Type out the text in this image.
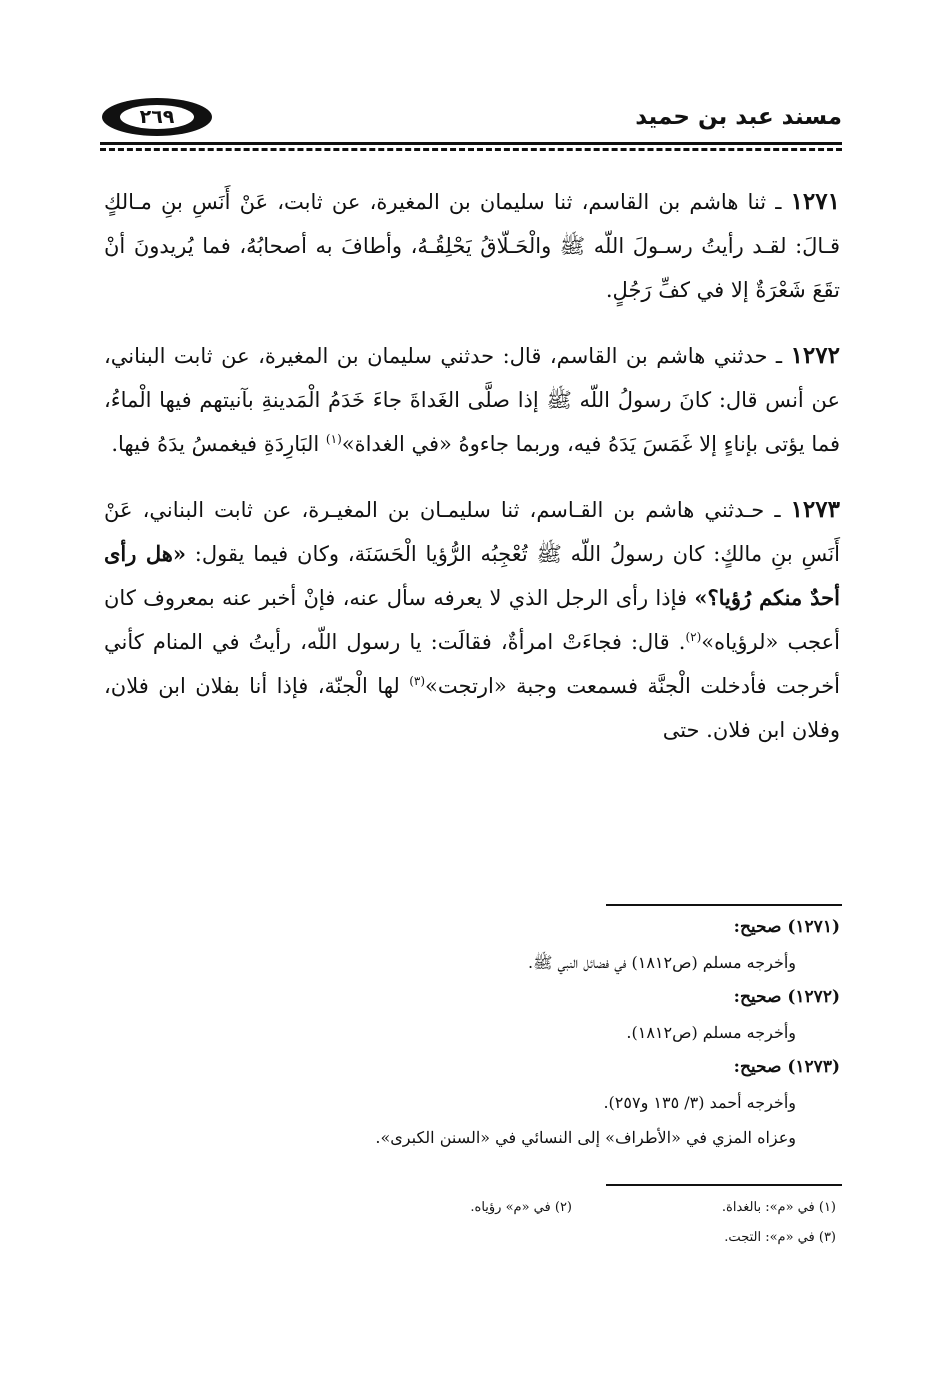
٢٦٩	مسند عبد بن حميد

١٢٧١ ـ ثنا هاشم بن القاسم، ثنا سليمان بن المغيرة، عن ثابت، عَنْ أَنَسِ بنِ مـالكٍ قـالَ: لقـد رأيتُ رسـولَ اللّه ﷺ والْحَـلّاقُ يَحْلِقُـهُ، وأطافَ به أصحابُهُ، فما يُريدونَ أنْ تقَعَ شَعْرَةٌ إلا في كفِّ رَجُلٍ.

١٢٧٢ ـ حدثني هاشم بن القاسم، قال: حدثني سليمان بن المغيرة، عن ثابت البناني، عن أنس قال: كانَ رسولُ اللّه ﷺ إذا صلَّى الغَداةَ جاءَ خَدَمُ الْمَدينةِ بآنيتهم فيها الْماءُ، فما يؤتى بإناءٍ إلا غَمَسَ يَدَهُ فيه، وربما جاءوهُ «في الغداة»$^{(١)}$ البَارِدَةِ فيغمسُ يدَهُ فيها.

١٢٧٣ ـ حـدثني هاشم بن القـاسم، ثنا سليمـان بن المغيـرة، عن ثابت البناني، عَنْ أَنَسِ بنِ مالكٍ: كان رسولُ اللّه ﷺ تُعْجِبُه الرُّؤيا الْحَسَنَة، وكان فيما يقول: «هل رأى أحدٌ منكم رُؤيا؟» فإذا رأى الرجل الذي لا يعرفه سأل عنه، فإنْ أخبر عنه بمعروف كان أعجب «لرؤياه»$^{(٢)}$. قال: فجاءَتْ امرأةٌ، فقالَت: يا رسول اللّه، رأيتُ في المنام كأني أخرجت فأدخلت الْجنَّة فسمعت وجبة «ارتجت»$^{(٣)}$ لها الْجنّة، فإذا أنا بفلان ابن فلان، وفلان ابن فلان. حتى

(١٢٧١) صحيح:
وأخرجه مسلم (ص١٨١٢) في فضائل النبي ﷺ.
(١٢٧٢) صحيح:
وأخرجه مسلم (ص١٨١٢).
(١٢٧٣) صحيح:
وأخرجه أحمد (٣/ ١٣٥ و٢٥٧).
وعزاه المزي في «الأطراف» إلى النسائي في «السنن الكبرى».
(١) في «م»: بالغداة.
(٢) في «م» رؤياه.
(٣) في «م»: التجت.
